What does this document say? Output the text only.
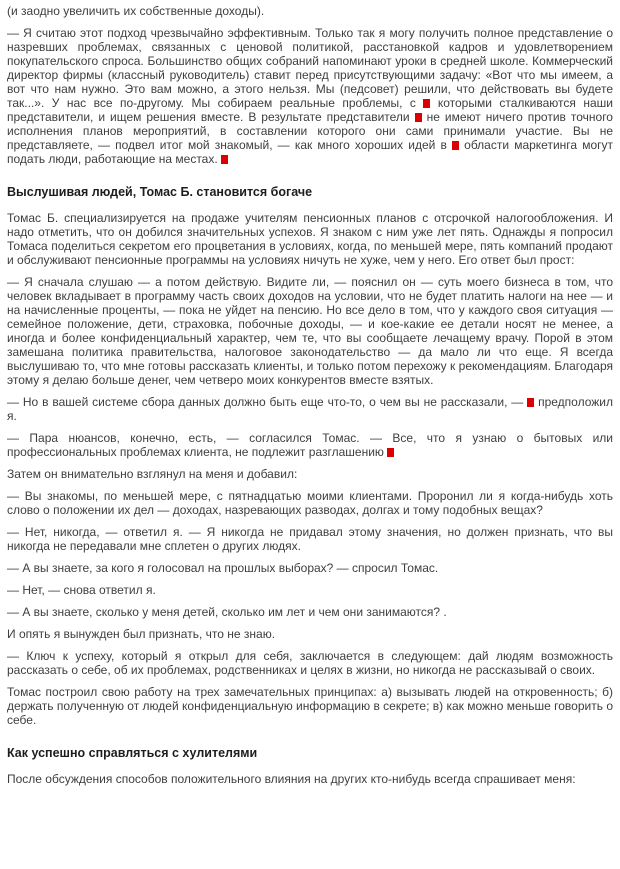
(и заодно увеличить их собственные доходы).

— Я считаю этот подход чрезвычайно эффективным. Только так я могу получить полное представление о назревших проблемах, связанных с ценовой политикой, расстановкой кадров и удовлетворением покупательского спроса. Большинство общих собраний напоминают уроки в средней школе. Коммерческий директор фирмы (классный руководитель) ставит перед присутствующими задачу: «Вот что мы имеем, а вот что нам нужно. Это вам можно, а этого нельзя. Мы (педсовет) решили, что действовать вы будете так...». У нас все по-другому. Мы собираем реальные проблемы, с которыми сталкиваются наши представители, и ищем решения вместе. В результате представители не имеют ничего против точного исполнения планов мероприятий, в составлении которого они сами принимали участие. Вы не представляете, — подвел итог мой знакомый, — как много хороших идей в области маркетинга могут подать люди, работающие на местах.

Выслушивая людей, Томас Б. становится богаче

Томас Б. специализируется на продаже учителям пенсионных планов с отсрочкой налогообложения. И надо отметить, что он добился значительных успехов. Я знаком с ним уже лет пять. Однажды я попросил Томаса поделиться секретом его процветания в условиях, когда, по меньшей мере, пять компаний продают и обслуживают пенсионные программы на условиях ничуть не хуже, чем у него. Его ответ был прост:

— Я сначала слушаю — а потом действую. Видите ли, — пояснил он — суть моего бизнеса в том, что человек вкладывает в программу часть своих доходов на условии, что не будет платить налоги на нее — и на начисленные проценты, — пока не уйдет на пенсию. Но все дело в том, что у каждого своя ситуация — семейное положение, дети, страховка, побочные доходы, — и кое-какие ее детали носят не менее, а иногда и более конфиденциальный характер, чем те, что вы сообщаете лечащему врачу. Порой в этом замешана политика правительства, налоговое законодательство — да мало ли что еще. Я всегда выслушиваю то, что мне готовы рассказать клиенты, и только потом перехожу к рекомендациям. Благодаря этому я делаю больше денег, чем четверо моих конкурентов вместе взятых.

— Но в вашей системе сбора данных должно быть еще что-то, о чем вы не рассказали, — предположил я.

— Пара нюансов, конечно, есть, — согласился Томас. — Все, что я узнаю о бытовых или профессиональных проблемах клиента, не подлежит разглашению

Затем он внимательно взглянул на меня и добавил:

— Вы знакомы, по меньшей мере, с пятнадцатью моими клиентами. Проронил ли я когда-нибудь хоть слово о положении их дел — доходах, назревающих разводах, долгах и тому подобных вещах?

— Нет, никогда, — ответил я. — Я никогда не придавал этому значения, но должен признать, что вы никогда не передавали мне сплетен о других людях.

— А вы знаете, за кого я голосовал на прошлых выборах? — спросил Томас.

— Нет, — снова ответил я.

— А вы знаете, сколько у меня детей, сколько им лет и чем они занимаются? .

И опять я вынужден был признать, что не знаю.

— Ключ к успеху, который я открыл для себя, заключается в следующем: дай людям возможность рассказать о себе, об их проблемах, родственниках и целях в жизни, но никогда не рассказывай о своих.

Томас построил свою работу на трех замечательных принципах: а) вызывать людей на откровенность; б) держать полученную от людей конфиденциальную информацию в секрете; в) как можно меньше говорить о себе.

Как успешно справляться с хулителями

После обсуждения способов положительного влияния на других кто-нибудь всегда спрашивает меня:
